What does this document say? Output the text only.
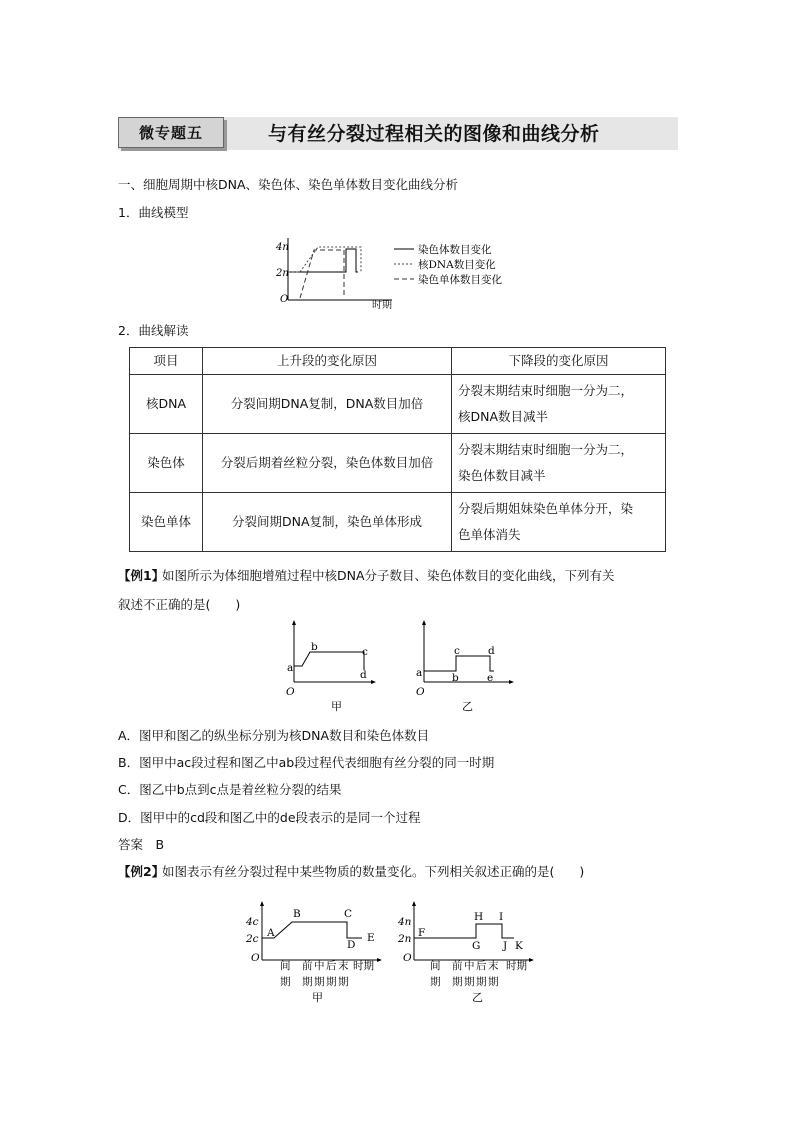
微专题五	与有丝分裂过程相关的图像和曲线分析
一、细胞周期中核DNA、染色体、染色单体数目变化曲线分析
1．曲线模型
4n
2n
O
时期
染色体数目变化
核DNA数目变化
染色单体数目变化
2．曲线解读
项目	上升段的变化原因	下降段的变化原因
核DNA	分裂间期DNA复制，DNA数目加倍	分裂末期结束时细胞一分为二，
核DNA数目减半

染色体	分裂后期着丝粒分裂，染色体数目加倍	分裂末期结束时细胞一分为二，
染色体数目减半

染色单体	分裂间期DNA复制，染色单体形成	分裂后期姐妹染色单体分开，染
色单体消失
【例1】
如图所示为体细胞增殖过程中核DNA分子数目、染色体数目的变化曲线，下列有关
叙述不正确的是(　　)
a
b	c
d
O
甲
a	b
c	d
e
O
乙
A．图甲和图乙的纵坐标分别为核DNA数目和染色体数目
B．图甲中ac段过程和图乙中ab段过程代表细胞有丝分裂的同一时期
C．图乙中b点到c点是着丝粒分裂的结果
D．图甲中的cd段和图乙中的de段表示的是同一个过程
答案　B
【例2】
如图表示有丝分裂过程中某些物质的数量变化。下列相关叙述正确的是(　　)
4c
2c
O
A
B	C
D
E
间 前 中 后 末 时期
期 期 期 期 期
甲
4n
2n
O
F
G
H I
J K
间 前 中 后 末 时期
期 期 期 期 期
乙
